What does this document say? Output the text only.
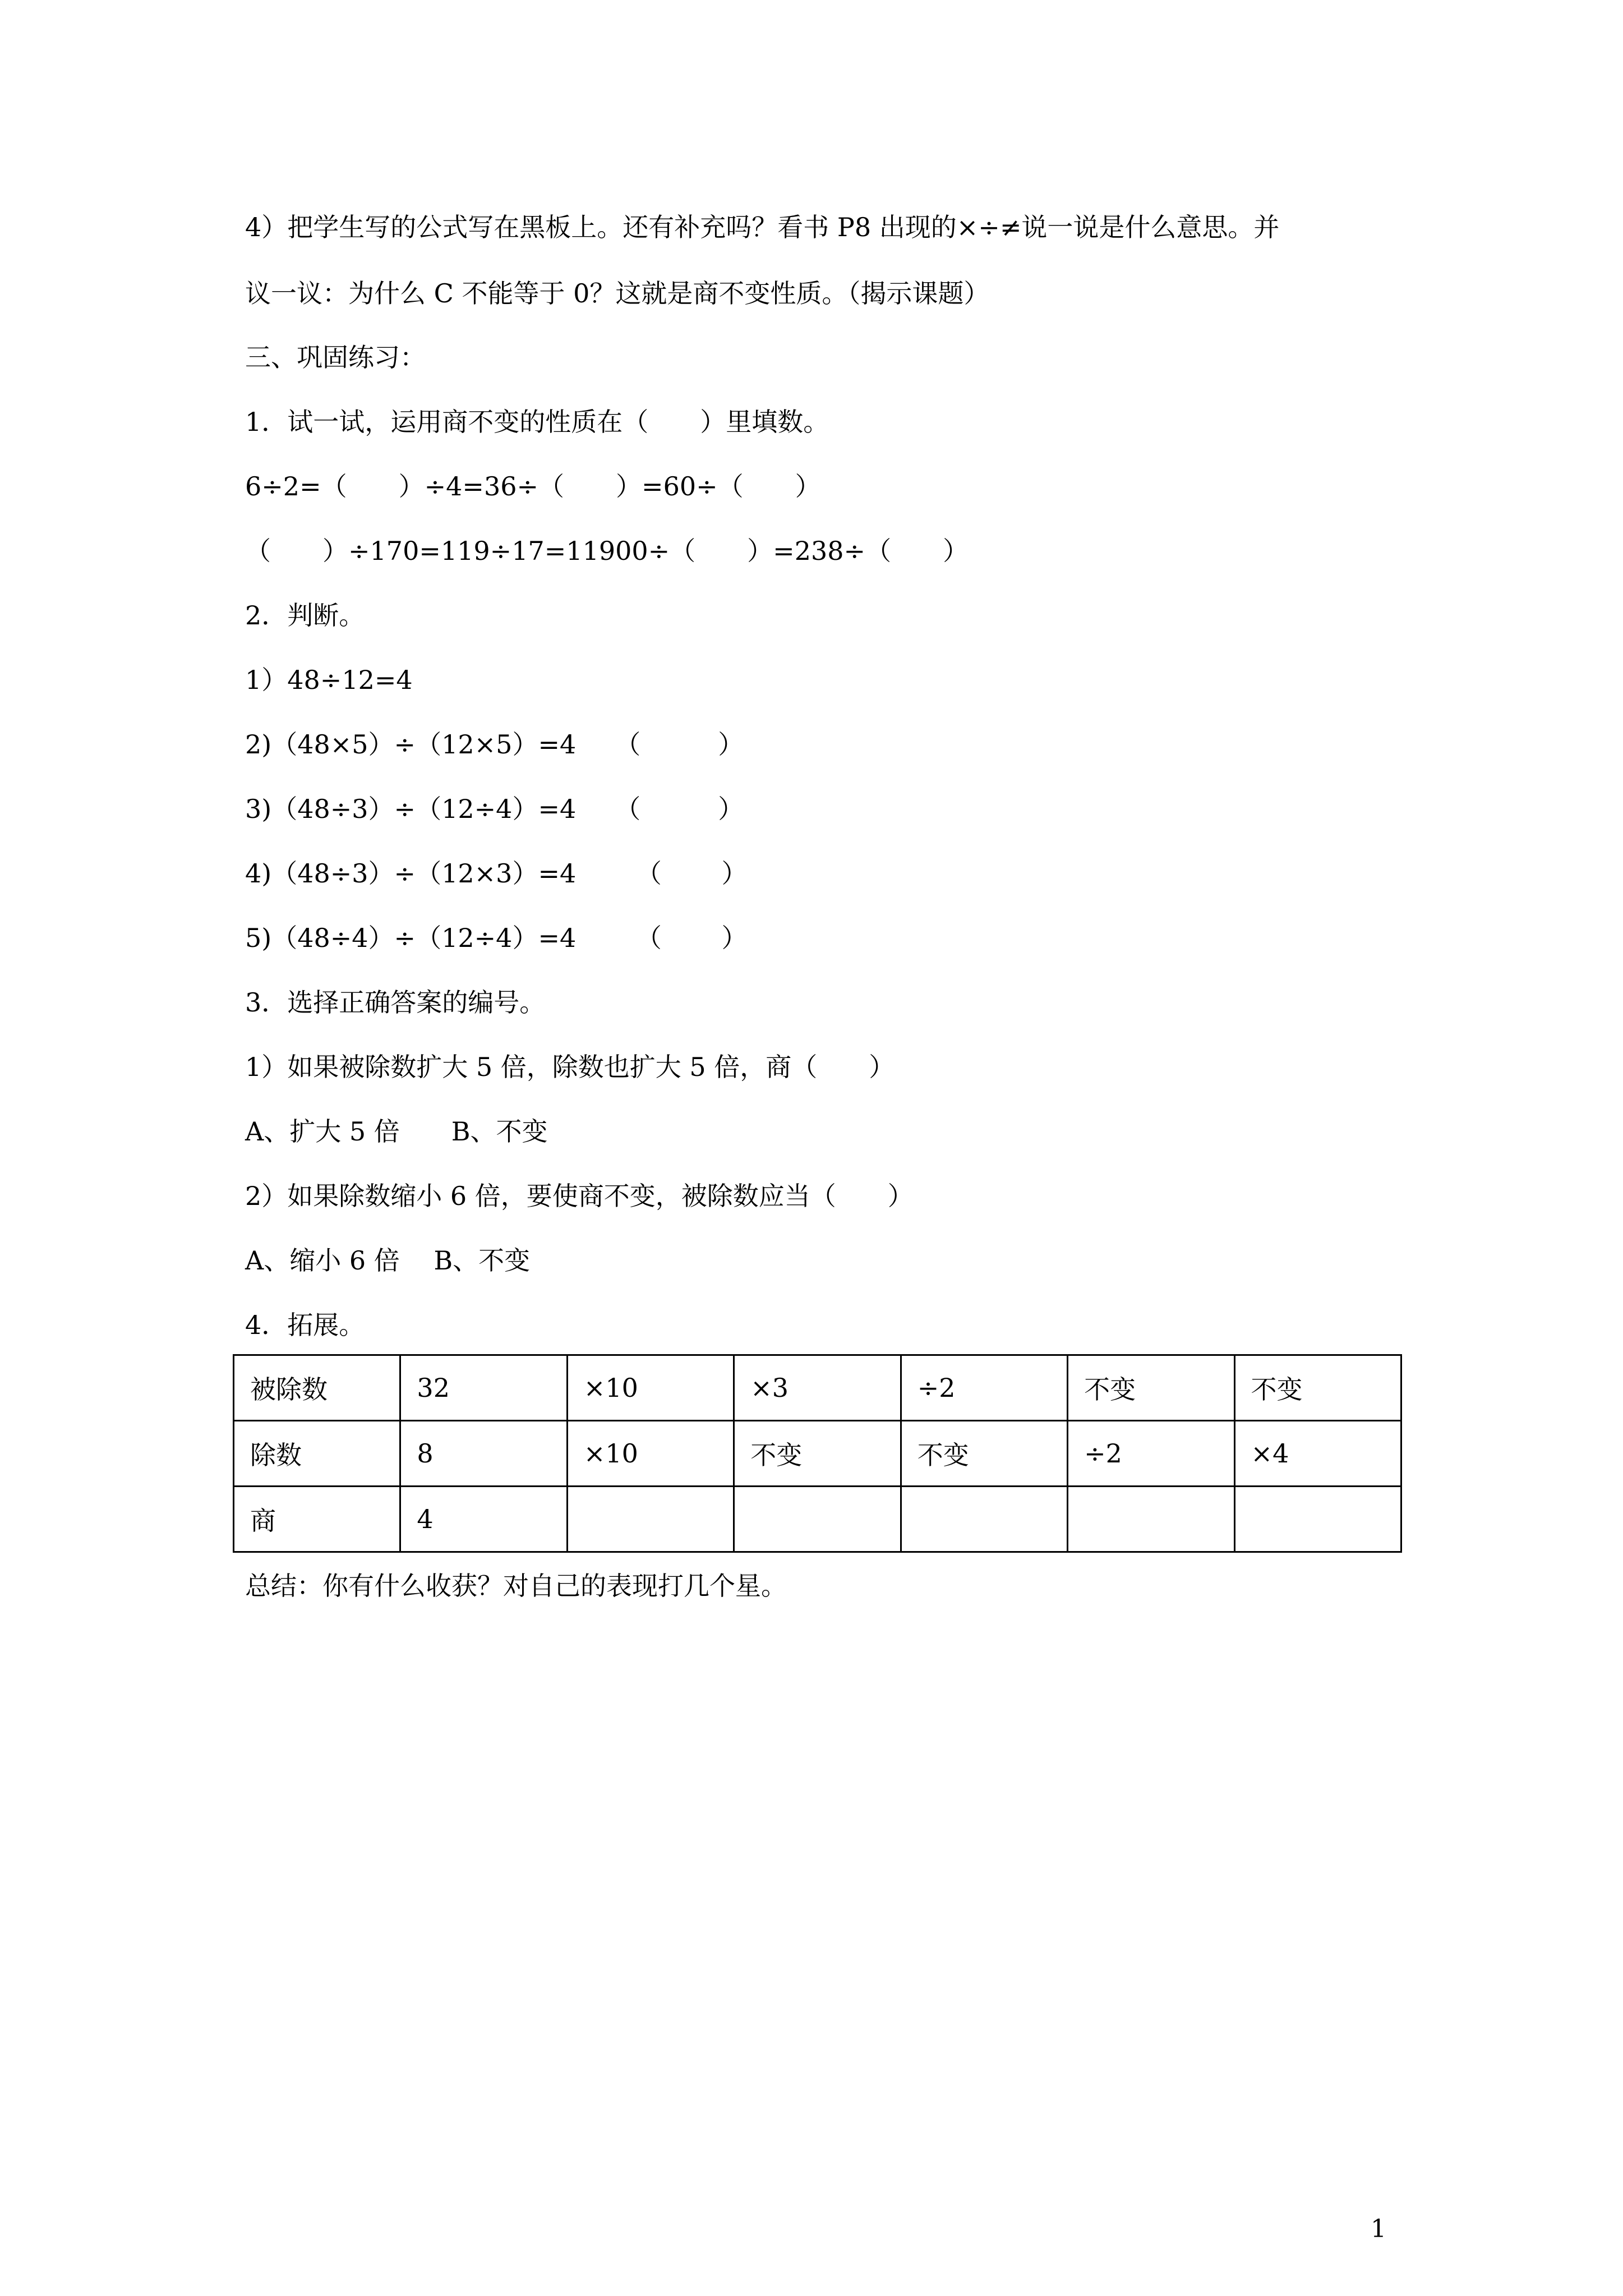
4）把学生写的公式写在黑板上。还有补充吗？看书 P8 出现的×÷≠说一说是什么意思。并
议一议：为什么 C 不能等于 0？这就是商不变性质。（揭示课题）
三、巩固练习：
1．试一试，运用商不变的性质在（　　）里填数。
6÷2=（　　）÷4=36÷（　　）=60÷（　　）
（　　）÷170=119÷17=11900÷（　　）=238÷（　　）
2．判断。
1）48÷12=4
2)（48×5）÷（12×5）=4　　（　　　）
3)（48÷3）÷（12÷4）=4　　（　　　）
4)（48÷3）÷（12×3）=4　　 （　　 ）
5)（48÷4）÷（12÷4）=4　　 （　　 ）
3．选择正确答案的编号。
1）如果被除数扩大 5 倍，除数也扩大 5 倍，商（　　）
A、扩大 5 倍　　B、不变
2）如果除数缩小 6 倍，要使商不变，被除数应当（　　）
A、缩小 6 倍　 B、不变
4．拓展。
被除数	32	×10	×3	÷2	不变	不变
除数	8	×10	不变	不变	÷2	×4
商	4					
总结：你有什么收获？对自己的表现打几个星。
1
